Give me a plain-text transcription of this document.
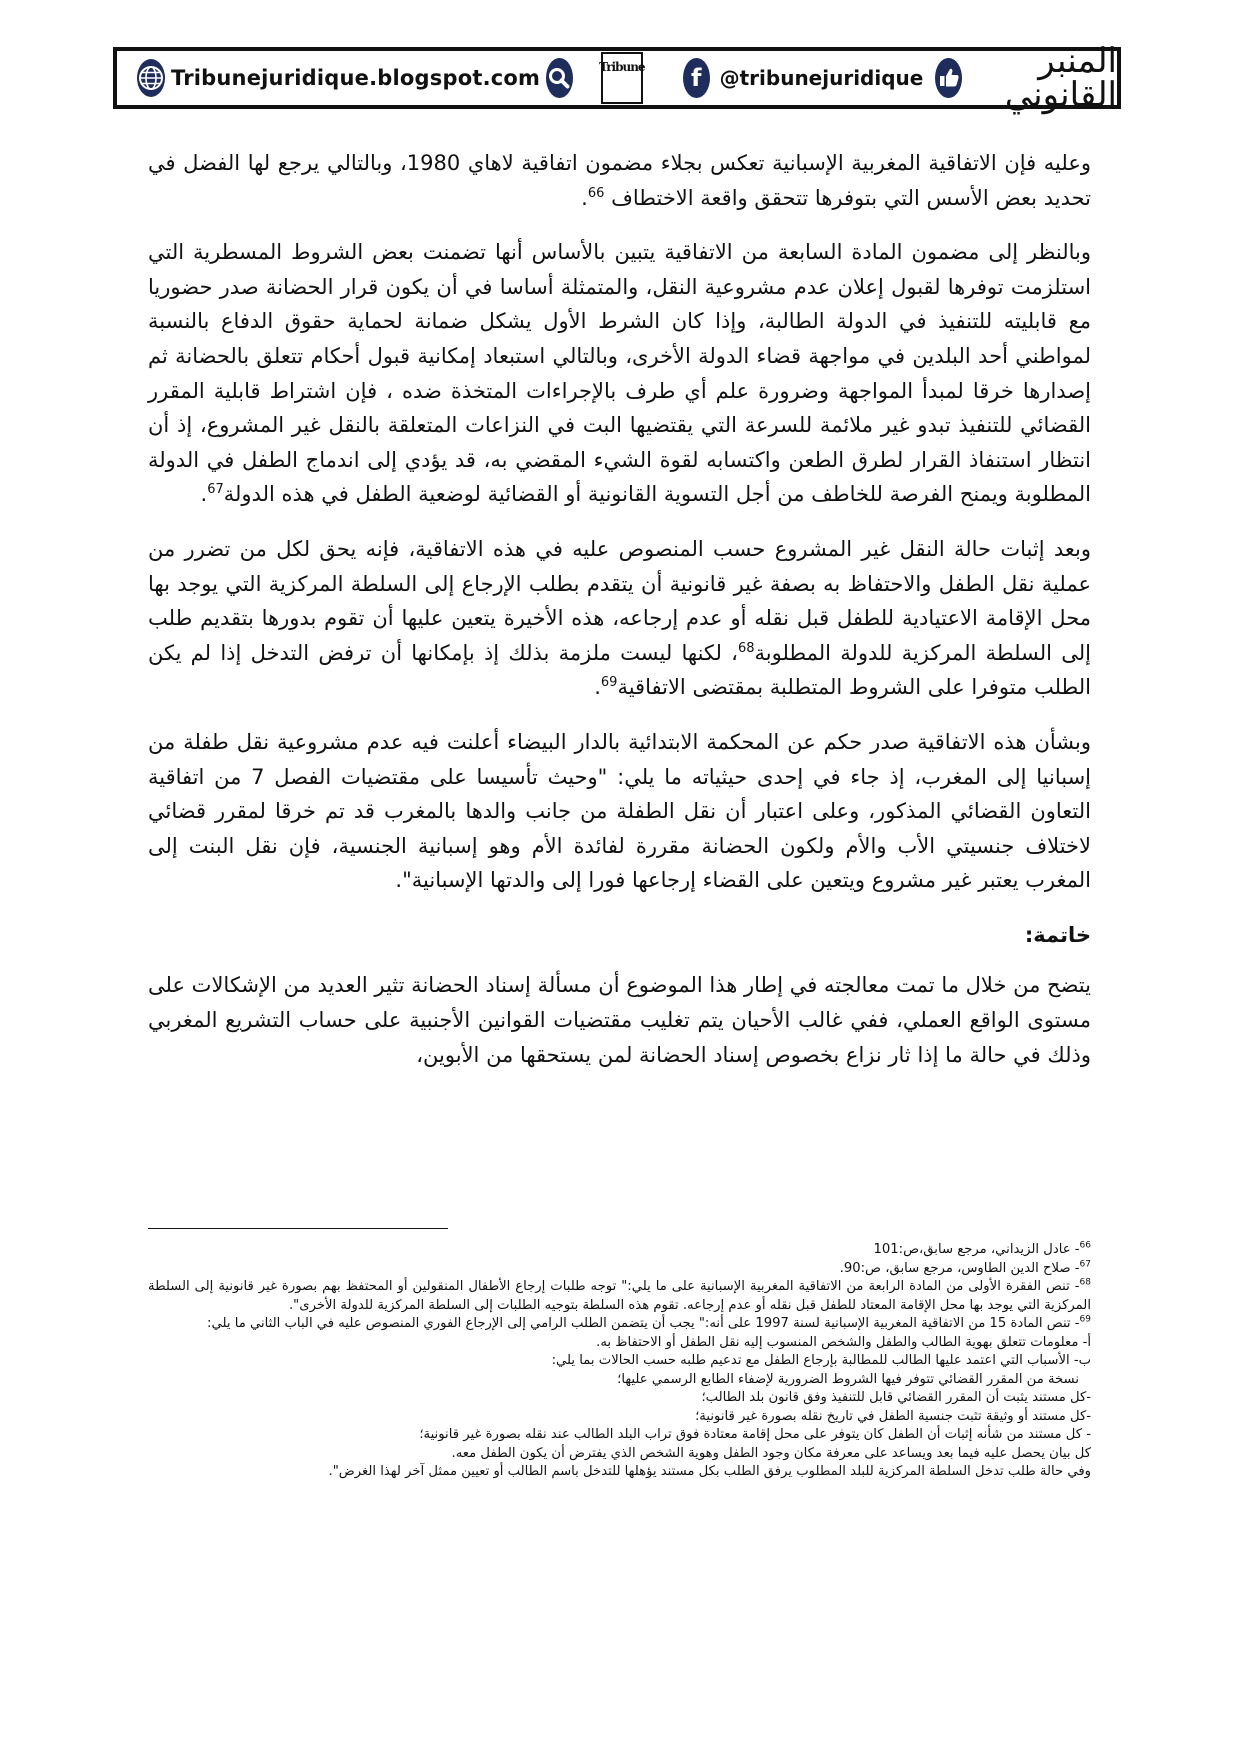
Tribunejuridique.blogspot.com	Tribune	f @tribunejuridique	المنبر القانوني

وعليه فإن الاتفاقية المغربية الإسبانية تعكس بجلاء مضمون اتفاقية لاهاي 1980، وبالتالي يرجع لها الفضل في تحديد بعض الأسس التي بتوفرها تتحقق واقعة الاختطاف $^{66}$.

وبالنظر إلى مضمون المادة السابعة من الاتفاقية يتبين بالأساس أنها تضمنت بعض الشروط المسطرية التي استلزمت توفرها لقبول إعلان عدم مشروعية النقل، والمتمثلة أساسا في أن يكون قرار الحضانة صدر حضوريا مع قابليته للتنفيذ في الدولة الطالبة، وإذا كان الشرط الأول يشكل ضمانة لحماية حقوق الدفاع بالنسبة لمواطني أحد البلدين في مواجهة قضاء الدولة الأخرى، وبالتالي استبعاد إمكانية قبول أحكام تتعلق بالحضانة ثم إصدارها خرقا لمبدأ المواجهة وضرورة علم أي طرف بالإجراءات المتخذة ضده ، فإن اشتراط قابلية المقرر القضائي للتنفيذ تبدو غير ملائمة للسرعة التي يقتضيها البت في النزاعات المتعلقة بالنقل غير المشروع، إذ أن انتظار استنفاذ القرار لطرق الطعن واكتسابه لقوة الشيء المقضي به، قد يؤدي إلى اندماج الطفل في الدولة المطلوبة ويمنح الفرصة للخاطف من أجل التسوية القانونية أو القضائية لوضعية الطفل في هذه الدولة$^{67}$.

وبعد إثبات حالة النقل غير المشروع حسب المنصوص عليه في هذه الاتفاقية، فإنه يحق لكل من تضرر من عملية نقل الطفل والاحتفاظ به بصفة غير قانونية أن يتقدم بطلب الإرجاع إلى السلطة المركزية التي يوجد بها محل الإقامة الاعتيادية للطفل قبل نقله أو عدم إرجاعه، هذه الأخيرة يتعين عليها أن تقوم بدورها بتقديم طلب إلى السلطة المركزية للدولة المطلوبة$^{68}$، لكنها ليست ملزمة بذلك إذ بإمكانها أن ترفض التدخل إذا لم يكن الطلب متوفرا على الشروط المتطلبة بمقتضى الاتفاقية$^{69}$.

وبشأن هذه الاتفاقية صدر حكم عن المحكمة الابتدائية بالدار البيضاء أعلنت فيه عدم مشروعية نقل طفلة من إسبانيا إلى المغرب، إذ جاء في إحدى حيثياته ما يلي: "وحيث تأسيسا على مقتضيات الفصل 7 من اتفاقية التعاون القضائي المذكور، وعلى اعتبار أن نقل الطفلة من جانب والدها بالمغرب قد تم خرقا لمقرر قضائي لاختلاف جنسيتي الأب والأم ولكون الحضانة مقررة لفائدة الأم وهو إسبانية الجنسية، فإن نقل البنت إلى المغرب يعتبر غير مشروع ويتعين على القضاء إرجاعها فورا إلى والدتها الإسبانية".

خاتمة:

يتضح من خلال ما تمت معالجته في إطار هذا الموضوع أن مسألة إسناد الحضانة تثير العديد من الإشكالات على مستوى الواقع العملي، ففي غالب الأحيان يتم تغليب مقتضيات القوانين الأجنبية على حساب التشريع المغربي وذلك في حالة ما إذا ثار نزاع بخصوص إسناد الحضانة لمن يستحقها من الأبوين،

$^{66}$- عادل الزيداني، مرجع سابق،ص:101

$^{67}$- صلاح الدين الطاوس، مرجع سابق، ص:90.

$^{68}$- تنص الفقرة الأولى من المادة الرابعة من الاتفاقية المغربية الإسبانية على ما يلي:" توجه طلبات إرجاع الأطفال المنقولين أو المحتفظ بهم بصورة غير قانونية إلى السلطة المركزية التي يوجد بها محل الإقامة المعتاد للطفل قبل نقله أو عدم إرجاعه. تقوم هذه السلطة بتوجيه الطلبات إلى السلطة المركزية للدولة الأخرى".

$^{69}$- تنص المادة 15 من الاتفاقية المغربية الإسبانية لسنة 1997 على أنه:" يجب أن يتضمن الطلب الرامي إلى الإرجاع الفوري المنصوص عليه في الباب الثاني ما يلي:

أ- معلومات تتعلق بهوية الطالب والطفل والشخص المنسوب إليه نقل الطفل أو الاحتفاظ به.

ب- الأسباب التي اعتمد عليها الطالب للمطالبة بإرجاع الطفل مع تدعيم طلبه حسب الحالات بما يلي:

نسخة من المقرر القضائي تتوفر فيها الشروط الضرورية لإضفاء الطابع الرسمي عليها؛

-كل مستند يثبت أن المقرر القضائي قابل للتنفيذ وفق قانون بلد الطالب؛

-كل مستند أو وثيقة تثبت جنسية الطفل في تاريخ نقله بصورة غير قانونية؛

- كل مستند من شأنه إثبات أن الطفل كان يتوفر على محل إقامة معتادة فوق تراب البلد الطالب عند نقله بصورة غير قانونية؛

كل بيان يحصل عليه فيما بعد ويساعد على معرفة مكان وجود الطفل وهوية الشخص الذي يفترض أن يكون الطفل معه.

وفي حالة طلب تدخل السلطة المركزية للبلد المطلوب يرفق الطلب بكل مستند يؤهلها للتدخل باسم الطالب أو تعيين ممثل آخر لهذا الغرض".
